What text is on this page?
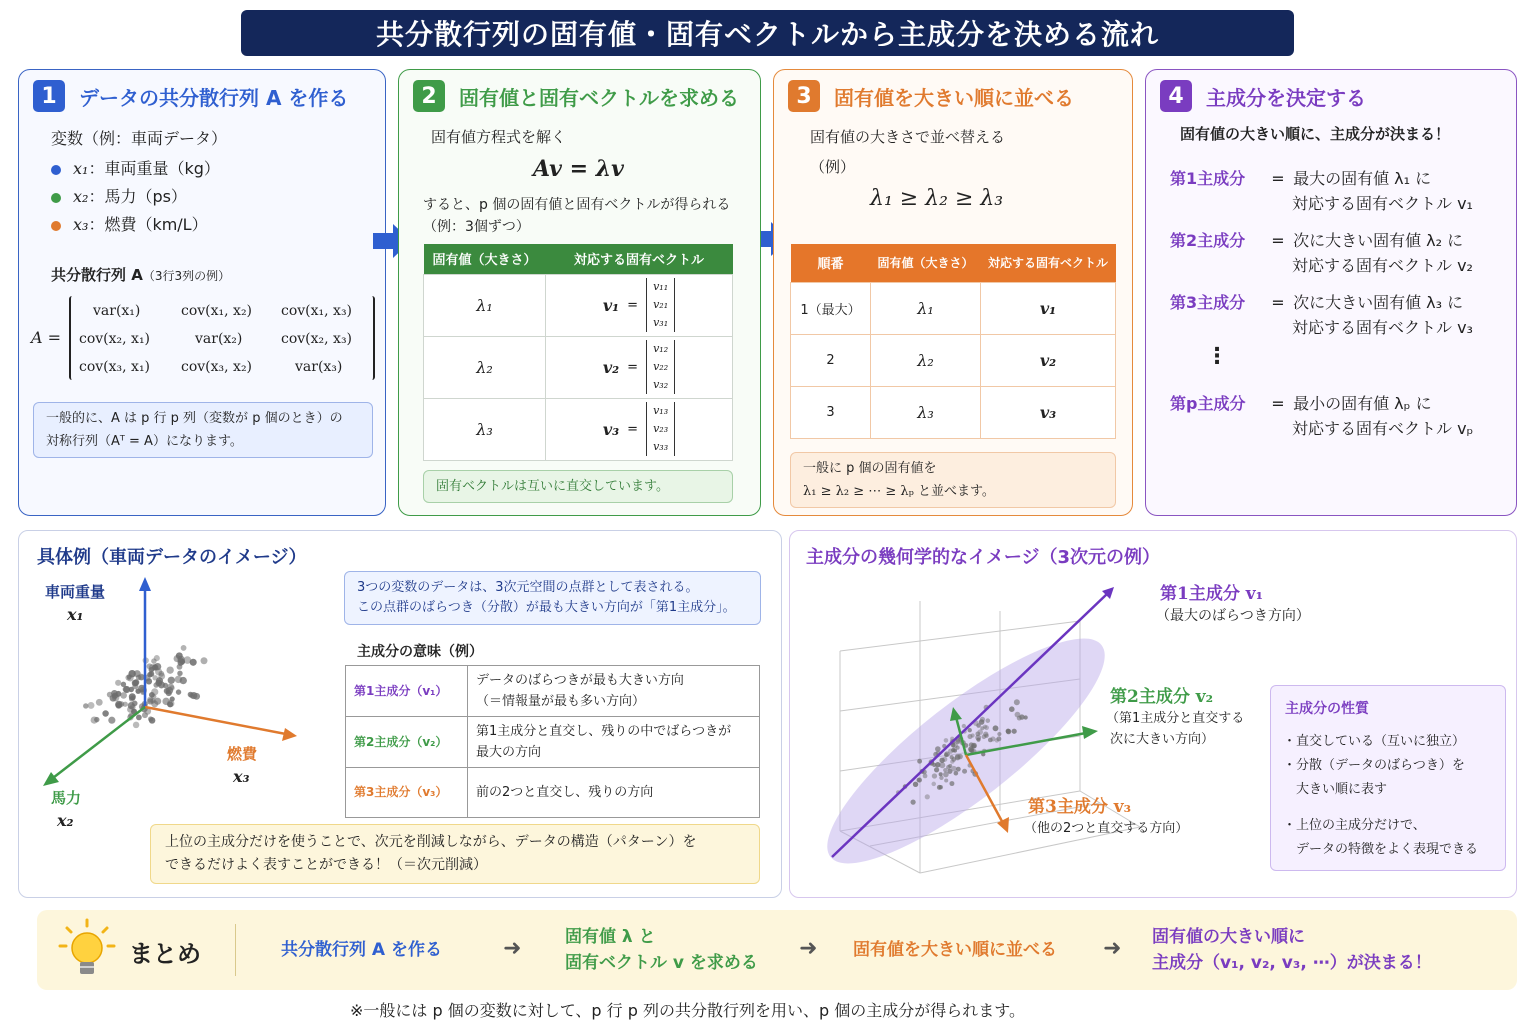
共分散行列の固有値・固有ベクトルから主成分を決める流れ
1	データの共分散行列 A を作る
変数（例：車両データ）
x₁：車両重量（kg）
x₂：馬力（ps）
x₃：燃費（km/L）
共分散行列 A（3行3列の例）
A =
var(x₁)	cov(x₁, x₂) cov(x₁, x₃)
cov(x₂, x₁)	var(x₂)	cov(x₂, x₃)
cov(x₃, x₁) cov(x₃, x₂)	var(x₃)
一般的に、A は p 行 p 列（変数が p 個のとき）の
対称行列（Aᵀ = A）になります。
2	固有値と固有ベクトルを求める
固有値方程式を解く
Av = λv
すると、p 個の固有値と固有ベクトルが得られる
（例：3個ずつ）
固有値（大きさ）	対応する固有ベクトル
λ₁	v₁ =
v₁₁
v₂₁
v₃₁

λ₂	v₂ =
v₁₂
v₂₂
v₃₂

λ₃	v₃ =
v₁₃
v₂₃
v₃₃
固有ベクトルは互いに直交しています。
3	固有値を大きい順に並べる
固有値の大きさで並べ替える
（例）
λ₁ ≥ λ₂ ≥ λ₃
順番	固有値（大きさ）	対応する固有ベクトル
1（最大）	λ₁	v₁
2	λ₂	v₂
3	λ₃	v₃
一般に p 個の固有値を
λ₁ ≥ λ₂ ≥ ⋯ ≥ λₚ と並べます。
4	主成分を決定する
固有値の大きい順に、主成分が決まる！
第1主成分 = 最大の固有値 λ₁ に
対応する固有ベクトル v₁
第2主成分 = 次に大きい固有値 λ₂ に
対応する固有ベクトル v₂
第3主成分 = 次に大きい固有値 λ₃ に
対応する固有ベクトル v₃
⋮
第p主成分 = 最小の固有値 λₚ に
対応する固有ベクトル vₚ
具体例（車両データのイメージ）
車両重量
x₁
馬力
x₂
燃費
x₃
3つの変数のデータは、3次元空間の点群として表される。
この点群のばらつき（分散）が最も大きい方向が「第1主成分」。
主成分の意味（例）
第1主成分（v₁）	データのばらつきが最も大きい方向
（＝情報量が最も多い方向）

第2主成分（v₂）	第1主成分と直交し、残りの中でばらつきが
最大の方向

第3主成分（v₃）	前の2つと直交し、残りの方向
上位の主成分だけを使うことで、次元を削減しながら、データの構造（パターン）を
できるだけよく表すことができる！（＝次元削減）
主成分の幾何学的なイメージ（3次元の例）
第1主成分 v₁
（最大のばらつき方向）
第2主成分 v₂
（第1主成分と直交する
次に大きい方向）
第3主成分 v₃
（他の2つと直交する方向）
主成分の性質
・直交している（互いに独立）
・分散（データのばらつき）を
　大きい順に表す
・上位の主成分だけで、
　データの特徴をよく表現できる
まとめ	共分散行列 A を作る	➜	固有値 λ と
固有ベクトル v を求める
➜ 固有値を大きい順に並べる ➜ 固有値の大きい順に
主成分（v₁, v₂, v₃, ⋯）が決まる！
※一般には p 個の変数に対して、p 行 p 列の共分散行列を用い、p 個の主成分が得られます。
